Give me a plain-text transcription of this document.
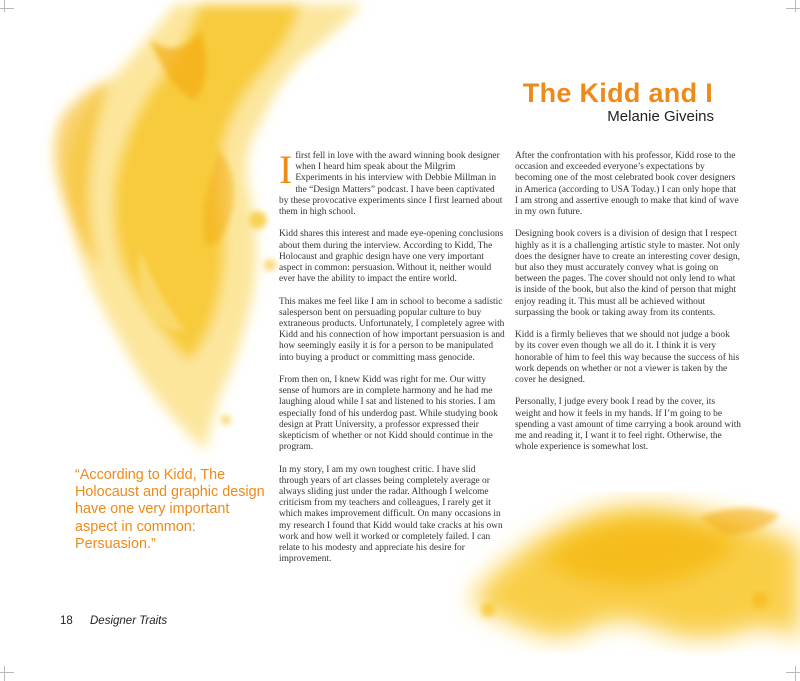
The Kidd and I
Melanie Giveins

Ifirst fell in love with the award winning book designer when I heard him speak about the Milgrim Experiments in his interview with Debbie Millman in the “Design Matters” podcast. I have been captivated by these provocative experiments since I first learned about them in high school.

Kidd shares this interest and made eye-opening conclusions about them during the interview. According to Kidd, The Holocaust and graphic design have one very important aspect in common: persuasion. Without it, neither would ever have the ability to impact the entire world.

This makes me feel like I am in school to become a sadistic salesperson bent on persuading popular culture to buy extraneous products. Unfortunately, I completely agree with Kidd and his connection of how important persuasion is and how seemingly easily it is for a person to be manipulated into buying a product or committing mass genocide.

From then on, I knew Kidd was right for me. Our witty sense of humors are in complete harmony and he had me laughing aloud while I sat and listened to his stories. I am especially fond of his underdog past. While studying book design at Pratt University, a professor expressed their skepticism of whether or not Kidd should continue in the program.

In my story, I am my own toughest critic. I have slid through years of art classes being completely average or always sliding just under the radar. Although I welcome criticism from my teachers and colleagues, I rarely get it which makes improvement difficult. On many occasions in my research I found that Kidd would take cracks at his own work and how well it worked or completely failed. I can relate to his modesty and appreciate his desire for improvement.

After the confrontation with his professor, Kidd rose to the occasion and exceeded everyone’s expectations by becoming one of the most celebrated book cover designers in America (according to USA Today.) I can only hope that I am strong and assertive enough to make that kind of wave in my own future.

Designing book covers is a division of design that I respect highly as it is a challenging artistic style to master. Not only does the designer have to create an interesting cover design, but also they must accurately convey what is going on between the pages. The cover should not only lend to what is inside of the book, but also the kind of person that might enjoy reading it. This must all be achieved without surpassing the book or taking away from its contents.

Kidd is a firmly believes that we should not judge a book by its cover even though we all do it. I think it is very honorable of him to feel this way because the success of his work depends on whether or not a viewer is taken by the cover he designed.

Personally, I judge every book I read by the cover, its weight and how it feels in my hands. If I’m going to be spending a vast amount of time carrying a book around with me and reading it, I want it to feel right. Otherwise, the whole experience is somewhat lost.

“According to Kidd, The Holocaust and graphic design have one very important aspect in common: Persuasion.”
18 Designer Traits
